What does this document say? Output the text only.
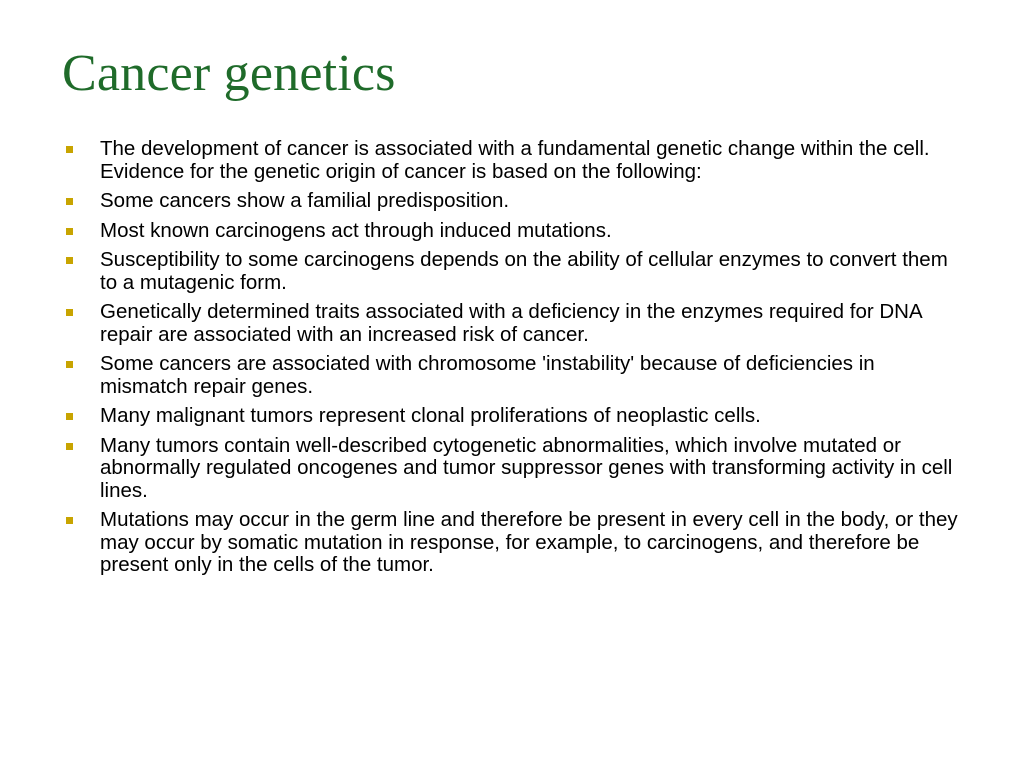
Cancer genetics
The development of cancer is associated with a fundamental genetic change within the cell. Evidence for the genetic origin of cancer is based on the following:
Some cancers show a familial predisposition.
Most known carcinogens act through induced mutations.
Susceptibility to some carcinogens depends on the ability of cellular enzymes to convert them to a mutagenic form.
Genetically determined traits associated with a deficiency in the enzymes required for DNA repair are associated with an increased risk of cancer.
Some cancers are associated with chromosome 'instability' because of deficiencies in mismatch repair genes.
Many malignant tumors represent clonal proliferations of neoplastic cells.
Many tumors contain well-described cytogenetic abnormalities, which involve mutated or abnormally regulated oncogenes and tumor suppressor genes with transforming activity in cell lines.
Mutations may occur in the germ line and therefore be present in every cell in the body, or they may occur by somatic mutation in response, for example, to carcinogens, and therefore be present only in the cells of the tumor.
